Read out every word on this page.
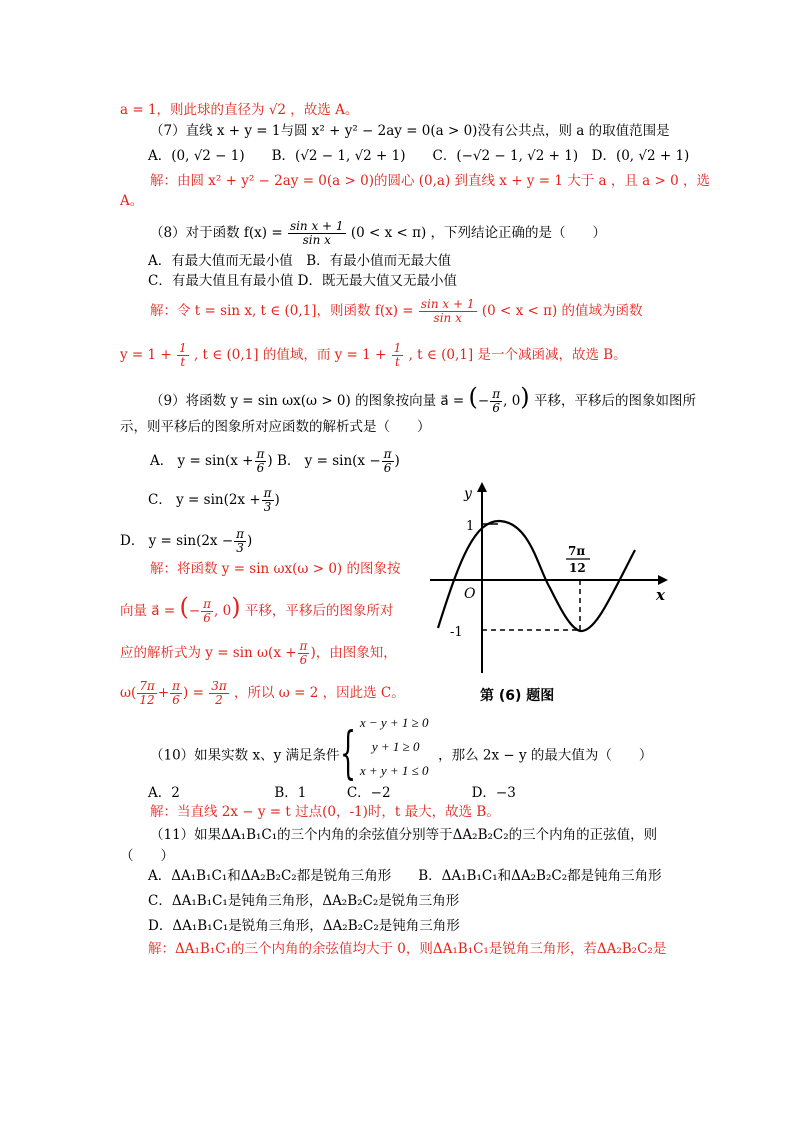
a = 1，则此球的直径为 √2 ，故选 A。
（7）直线 x + y = 1与圆 x² + y² − 2ay = 0(a > 0)没有公共点，则 a 的取值范围是
A．(0, √2 − 1)　　B．(√2 − 1, √2 + 1)　　C．(−√2 − 1, √2 + 1)　D．(0, √2 + 1)
解：由圆 x² + y² − 2ay = 0(a > 0)的圆心 (0,a) 到直线 x + y = 1 大于 a ，且 a > 0 ，选
A。
（8）对于函数 $f(x) = \frac{\text{sin x + 1}}{\text{sin x}} (0 < x < \pi)$ ，下列结论正确的是（　　）
A．有最大值而无最小值　B．有最小值而无最大值
C．有最大值且有最小值 D．既无最大值又无最小值
解：令 t = sin x, t ∈ (0,1]，则函数 $f(x) = \frac{\text{sin x + 1}}{\text{sin x}} (0 < x < \pi)$ 的值域为函数
$y = 1 + \frac{1}{t}$ , t ∈ (0,1] 的值域，而 $y = 1 + \frac{1}{t}$ , t ∈ (0,1] 是一个减函减，故选 B。
（9）将函数 y = sin ωx(ω > 0) 的图象按向量 a⃗ = (− $\frac{\pi}{6}$ , 0) 平移，平移后的图象如图所
示，则平移后的图象所对应函数的解析式是（　　）
A． $y = \sin(x + \frac{\pi}{6}$ ) B． $y = \sin(x - \frac{\pi}{6}$ )
C． $y = \sin(2x + \frac{\pi}{3}$ )
D． $y = \sin(2x - \frac{\pi}{3}$ )
解：将函数 y = sin ωx(ω > 0) 的图象按
向量 a⃗ = (− $\frac{\pi}{6}$ , 0) 平移，平移后的图象所对
应的解析式为 $y = \sin \omega(x + \frac{\pi}{6}$ )，由图象知，
$\omega( \frac{7\pi}{12} + \frac{\pi}{6}$ ) = $\frac{3\pi}{2}$ ，所以 ω = 2 ，因此选 C。
y
x
O
1
-1
7π
12
第 (6) 题图
（10）如果实数 x、y 满足条件 { x − y + 1 ≥ 0
y + 1 ≥ 0
x + y + 1 ≤ 0
，那么 2x − y 的最大值为（　　）
A．2　　　　　　　B．1　　　C．−2　　　　　　D．−3
解：当直线 2x − y = t 过点(0，-1)时，t 最大，故选 B。
（11）如果ΔA₁B₁C₁的三个内角的余弦值分别等于ΔA₂B₂C₂的三个内角的正弦值，则
（　　）
A．ΔA₁B₁C₁和ΔA₂B₂C₂都是锐角三角形　　B．ΔA₁B₁C₁和ΔA₂B₂C₂都是钝角三角形
C．ΔA₁B₁C₁是钝角三角形，ΔA₂B₂C₂是锐角三角形
D．ΔA₁B₁C₁是锐角三角形，ΔA₂B₂C₂是钝角三角形
解：ΔA₁B₁C₁的三个内角的余弦值均大于 0，则ΔA₁B₁C₁是锐角三角形，若ΔA₂B₂C₂是
